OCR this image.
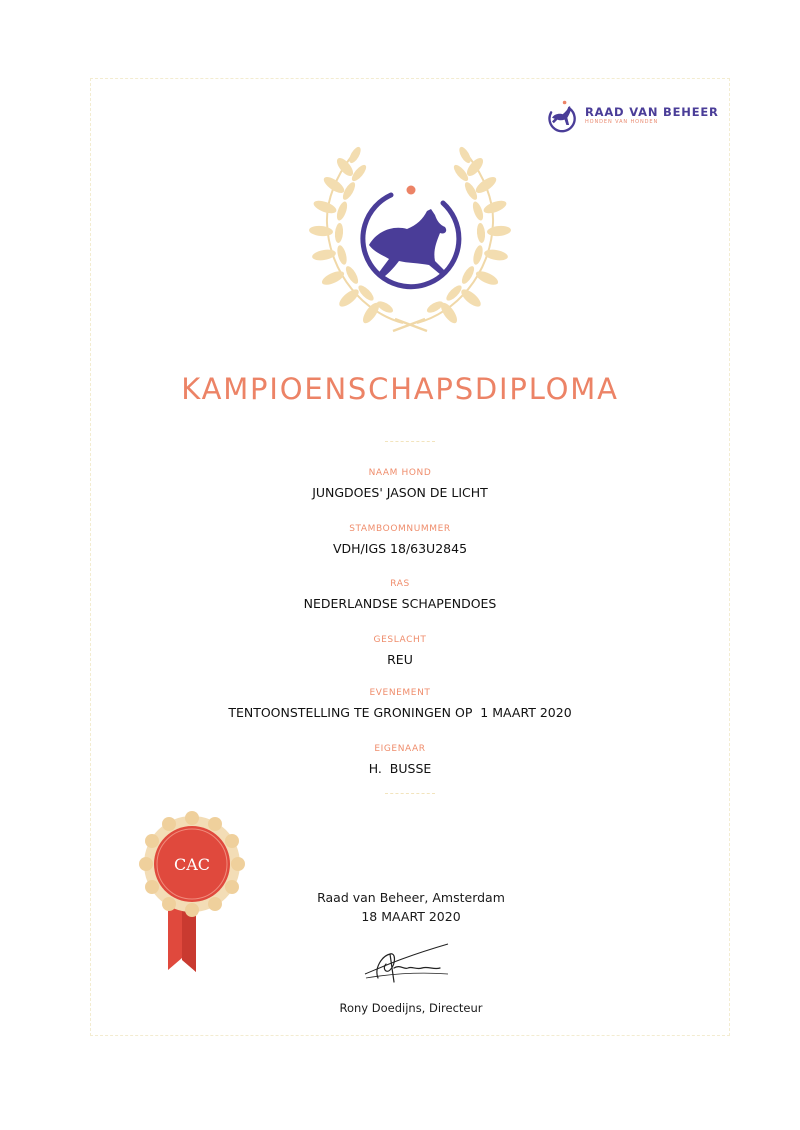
RAAD VAN BEHEER
HONDEN VAN HONDEN
KAMPIOENSCHAPSDIPLOMA
NAAM HOND
JUNGDOES' JASON DE LICHT
STAMBOOMNUMMER
VDH/IGS 18/63U2845
RAS
NEDERLANDSE SCHAPENDOES
GESLACHT
REU
EVENEMENT
TENTOONSTELLING TE GRONINGEN OP  1 MAART 2020
EIGENAAR
H.  BUSSE
CAC
Raad van Beheer, Amsterdam
18 MAART 2020
Rony Doedijns, Directeur
